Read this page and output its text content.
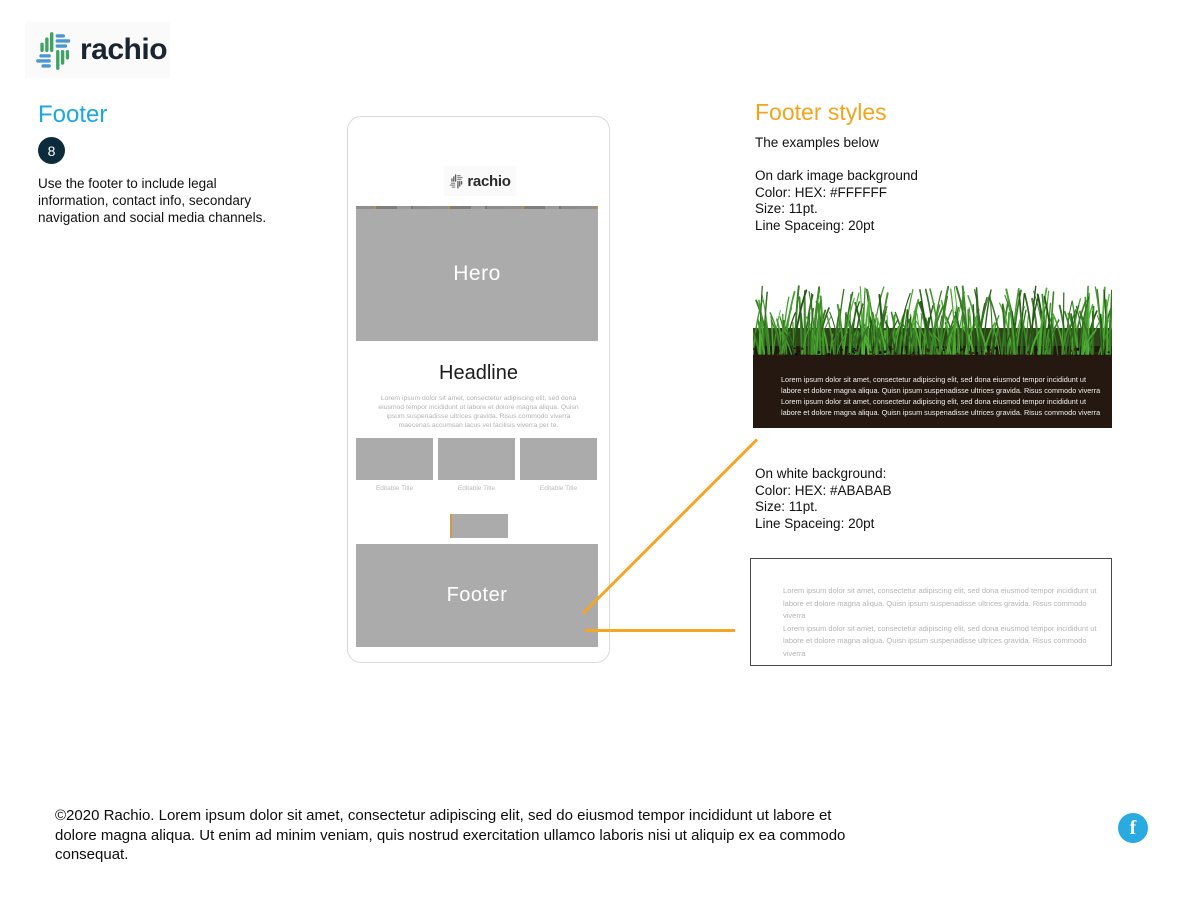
rachio
Footer
8
Use the footer to include legal information, contact info, secondary navigation and social media channels.
rachio
Hero
Headline
Lorem ipsum dolor sit amet, consectetur adipiscing elit, sed dona
eiusmod tempor incididunt ut labore et dolore magna aliqua. Quisn
ipsum suspenadisse ultrices gravida. Risus commodo viverra
maecenas accumsan lacus vel facilisis viverra per te.
Editable Title	Editable Title	Editable Title
Footer
Footer styles
The examples below
On dark image background
Color: HEX: #FFFFFF
Size: 11pt.
Line Spaceing: 20pt
Lorem ipsum dolor sit amet, consectetur adipiscing elit, sed dona eiusmod tempor incididunt ut
labore et dolore magna aliqua. Quisn ipsum suspenadisse ultrices gravida. Risus commodo viverra
Lorem ipsum dolor sit amet, consectetur adipiscing elit, sed dona eiusmod tempor incididunt ut
labore et dolore magna aliqua. Quisn ipsum suspenadisse ultrices gravida. Risus commodo viverra
On white background:
Color: HEX: #ABABAB
Size: 11pt.
Line Spaceing: 20pt
Lorem ipsum dolor sit amet, consectetur adipiscing elit, sed dona eiusmod tempor incididunt ut
labore et dolore magna aliqua. Quisn ipsum suspenadisse ultrices gravida. Risus commodo viverra
Lorem ipsum dolor sit amet, consectetur adipiscing elit, sed dona eiusmod tempor incididunt ut
labore et dolore magna aliqua. Quisn ipsum suspenadisse ultrices gravida. Risus commodo viverra
©2020 Rachio. Lorem ipsum dolor sit amet, consectetur adipiscing elit, sed do eiusmod tempor incididunt ut labore et dolore magna aliqua. Ut enim ad minim veniam, quis nostrud exercitation ullamco laboris nisi ut aliquip ex ea commodo consequat.
f
